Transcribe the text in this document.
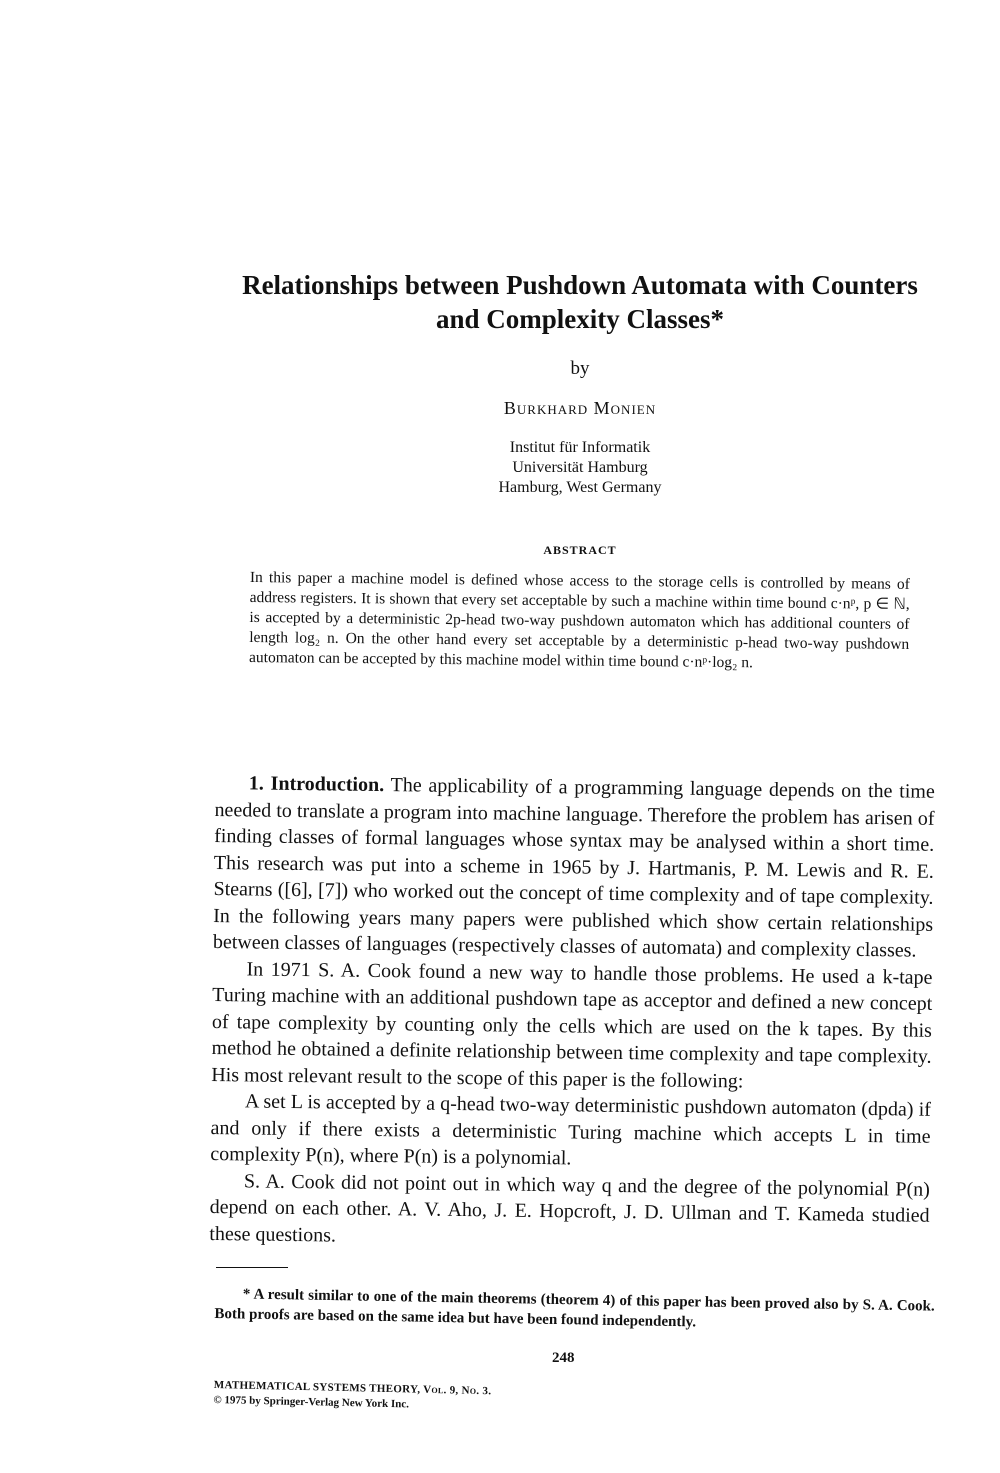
Relationships between Pushdown Automata with Counters
and Complexity Classes*
by
Burkhard Monien
Institut für Informatik
Universität Hamburg
Hamburg, West Germany
ABSTRACT
In this paper a machine model is defined whose access to the storage cells is controlled by means of address registers. It is shown that every set acceptable by such a machine within time bound c·nᵖ, p ∈ ℕ, is accepted by a deterministic 2p-head two-way pushdown automaton which has additional counters of length log₂ n. On the other hand every set acceptable by a deterministic p-head two-way pushdown automaton can be accepted by this machine model within time bound c·nᵖ·log₂ n.

1. Introduction. The applicability of a programming language depends on the time needed to translate a program into machine language. Therefore the problem has arisen of finding classes of formal languages whose syntax may be analysed within a short time. This research was put into a scheme in 1965 by J. Hartmanis, P. M. Lewis and R. E. Stearns ([6], [7]) who worked out the concept of time complexity and of tape complexity. In the following years many papers were published which show certain relationships between classes of languages (respectively classes of automata) and complexity classes.

In 1971 S. A. Cook found a new way to handle those problems. He used a k-tape Turing machine with an additional pushdown tape as acceptor and defined a new concept of tape complexity by counting only the cells which are used on the k tapes. By this method he obtained a definite relationship between time complexity and tape complexity. His most relevant result to the scope of this paper is the following:

A set L is accepted by a q-head two-way deterministic pushdown automaton (dpda) if and only if there exists a deterministic Turing machine which accepts L in time complexity P(n), where P(n) is a polynomial.

S. A. Cook did not point out in which way q and the degree of the polynomial P(n) depend on each other. A. V. Aho, J. E. Hopcroft, J. D. Ullman and T. Kameda studied these questions.

* A result similar to one of the main theorems (theorem 4) of this paper has been proved also by S. A. Cook. Both proofs are based on the same idea but have been found independently.
248
MATHEMATICAL SYSTEMS THEORY, Vol. 9, No. 3.
© 1975 by Springer-Verlag New York Inc.
